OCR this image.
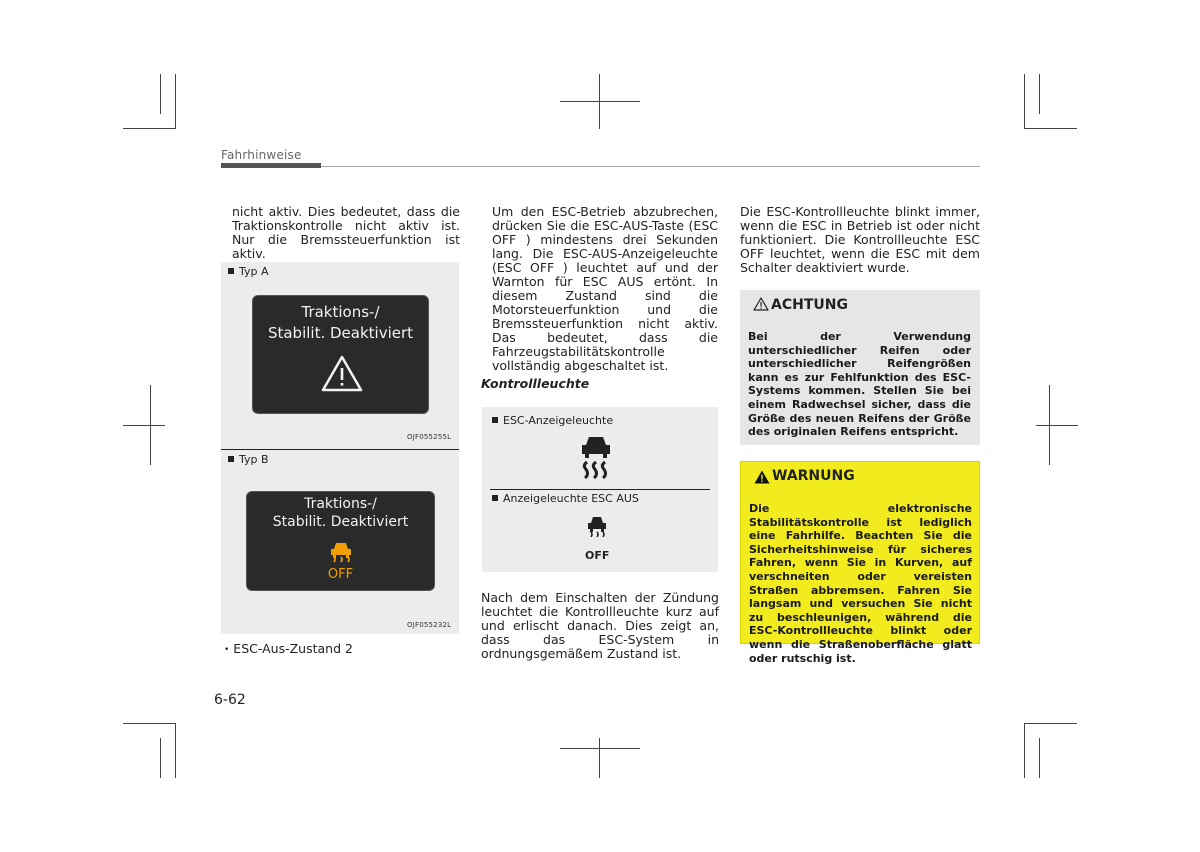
Fahrhinweise
nicht aktiv. Dies bedeutet, dass die Traktionskontrolle nicht aktiv ist. Nur die Bremssteuerfunktion ist aktiv.
Typ A
Traktions-/
Stabilit. Deaktiviert
OJF055255L
Typ B
Traktions-/
Stabilit. Deaktiviert
OFF
OJF055232L
• ESC-Aus-Zustand 2
Um den ESC-Betrieb abzubrechen, drücken Sie die ESC-AUS-Taste (ESC OFF ) mindestens drei Sekunden lang. Die ESC-AUS-Anzeigeleuchte (ESC OFF ) leuchtet auf und der Warnton für ESC AUS ertönt. In diesem Zustand sind die Motorsteuerfunktion und die Bremssteuerfunktion nicht aktiv. Das bedeutet, dass die Fahrzeugstabilitätskontrolle vollständig abgeschaltet ist.
Kontrollleuchte
ESC-Anzeigeleuchte
Anzeigeleuchte ESC AUS
OFF
Nach dem Einschalten der Zündung leuchtet die Kontrollleuchte kurz auf und erlischt danach. Dies zeigt an, dass das ESC-System in ordnungsgemäßem Zustand ist.
Die ESC-Kontrollleuchte blinkt immer, wenn die ESC in Betrieb ist oder nicht funktioniert. Die Kontrollleuchte ESC OFF leuchtet, wenn die ESC mit dem Schalter deaktiviert wurde.
ACHTUNG
Bei der Verwendung unterschiedlicher Reifen oder unterschiedlicher Reifengrößen kann es zur Fehlfunktion des ESC-Systems kommen. Stellen Sie bei einem Radwechsel sicher, dass die Größe des neuen Reifens der Größe des originalen Reifens entspricht.
WARNUNG
Die elektronische Stabilitätskontrolle ist lediglich eine Fahrhilfe. Beachten Sie die Sicherheitshinweise für sicheres Fahren, wenn Sie in Kurven, auf verschneiten oder vereisten Straßen abbremsen. Fahren Sie langsam und versuchen Sie nicht zu beschleunigen, während die ESC-Kontrollleuchte blinkt oder wenn die Straßenoberfläche glatt oder rutschig ist.
6-62
